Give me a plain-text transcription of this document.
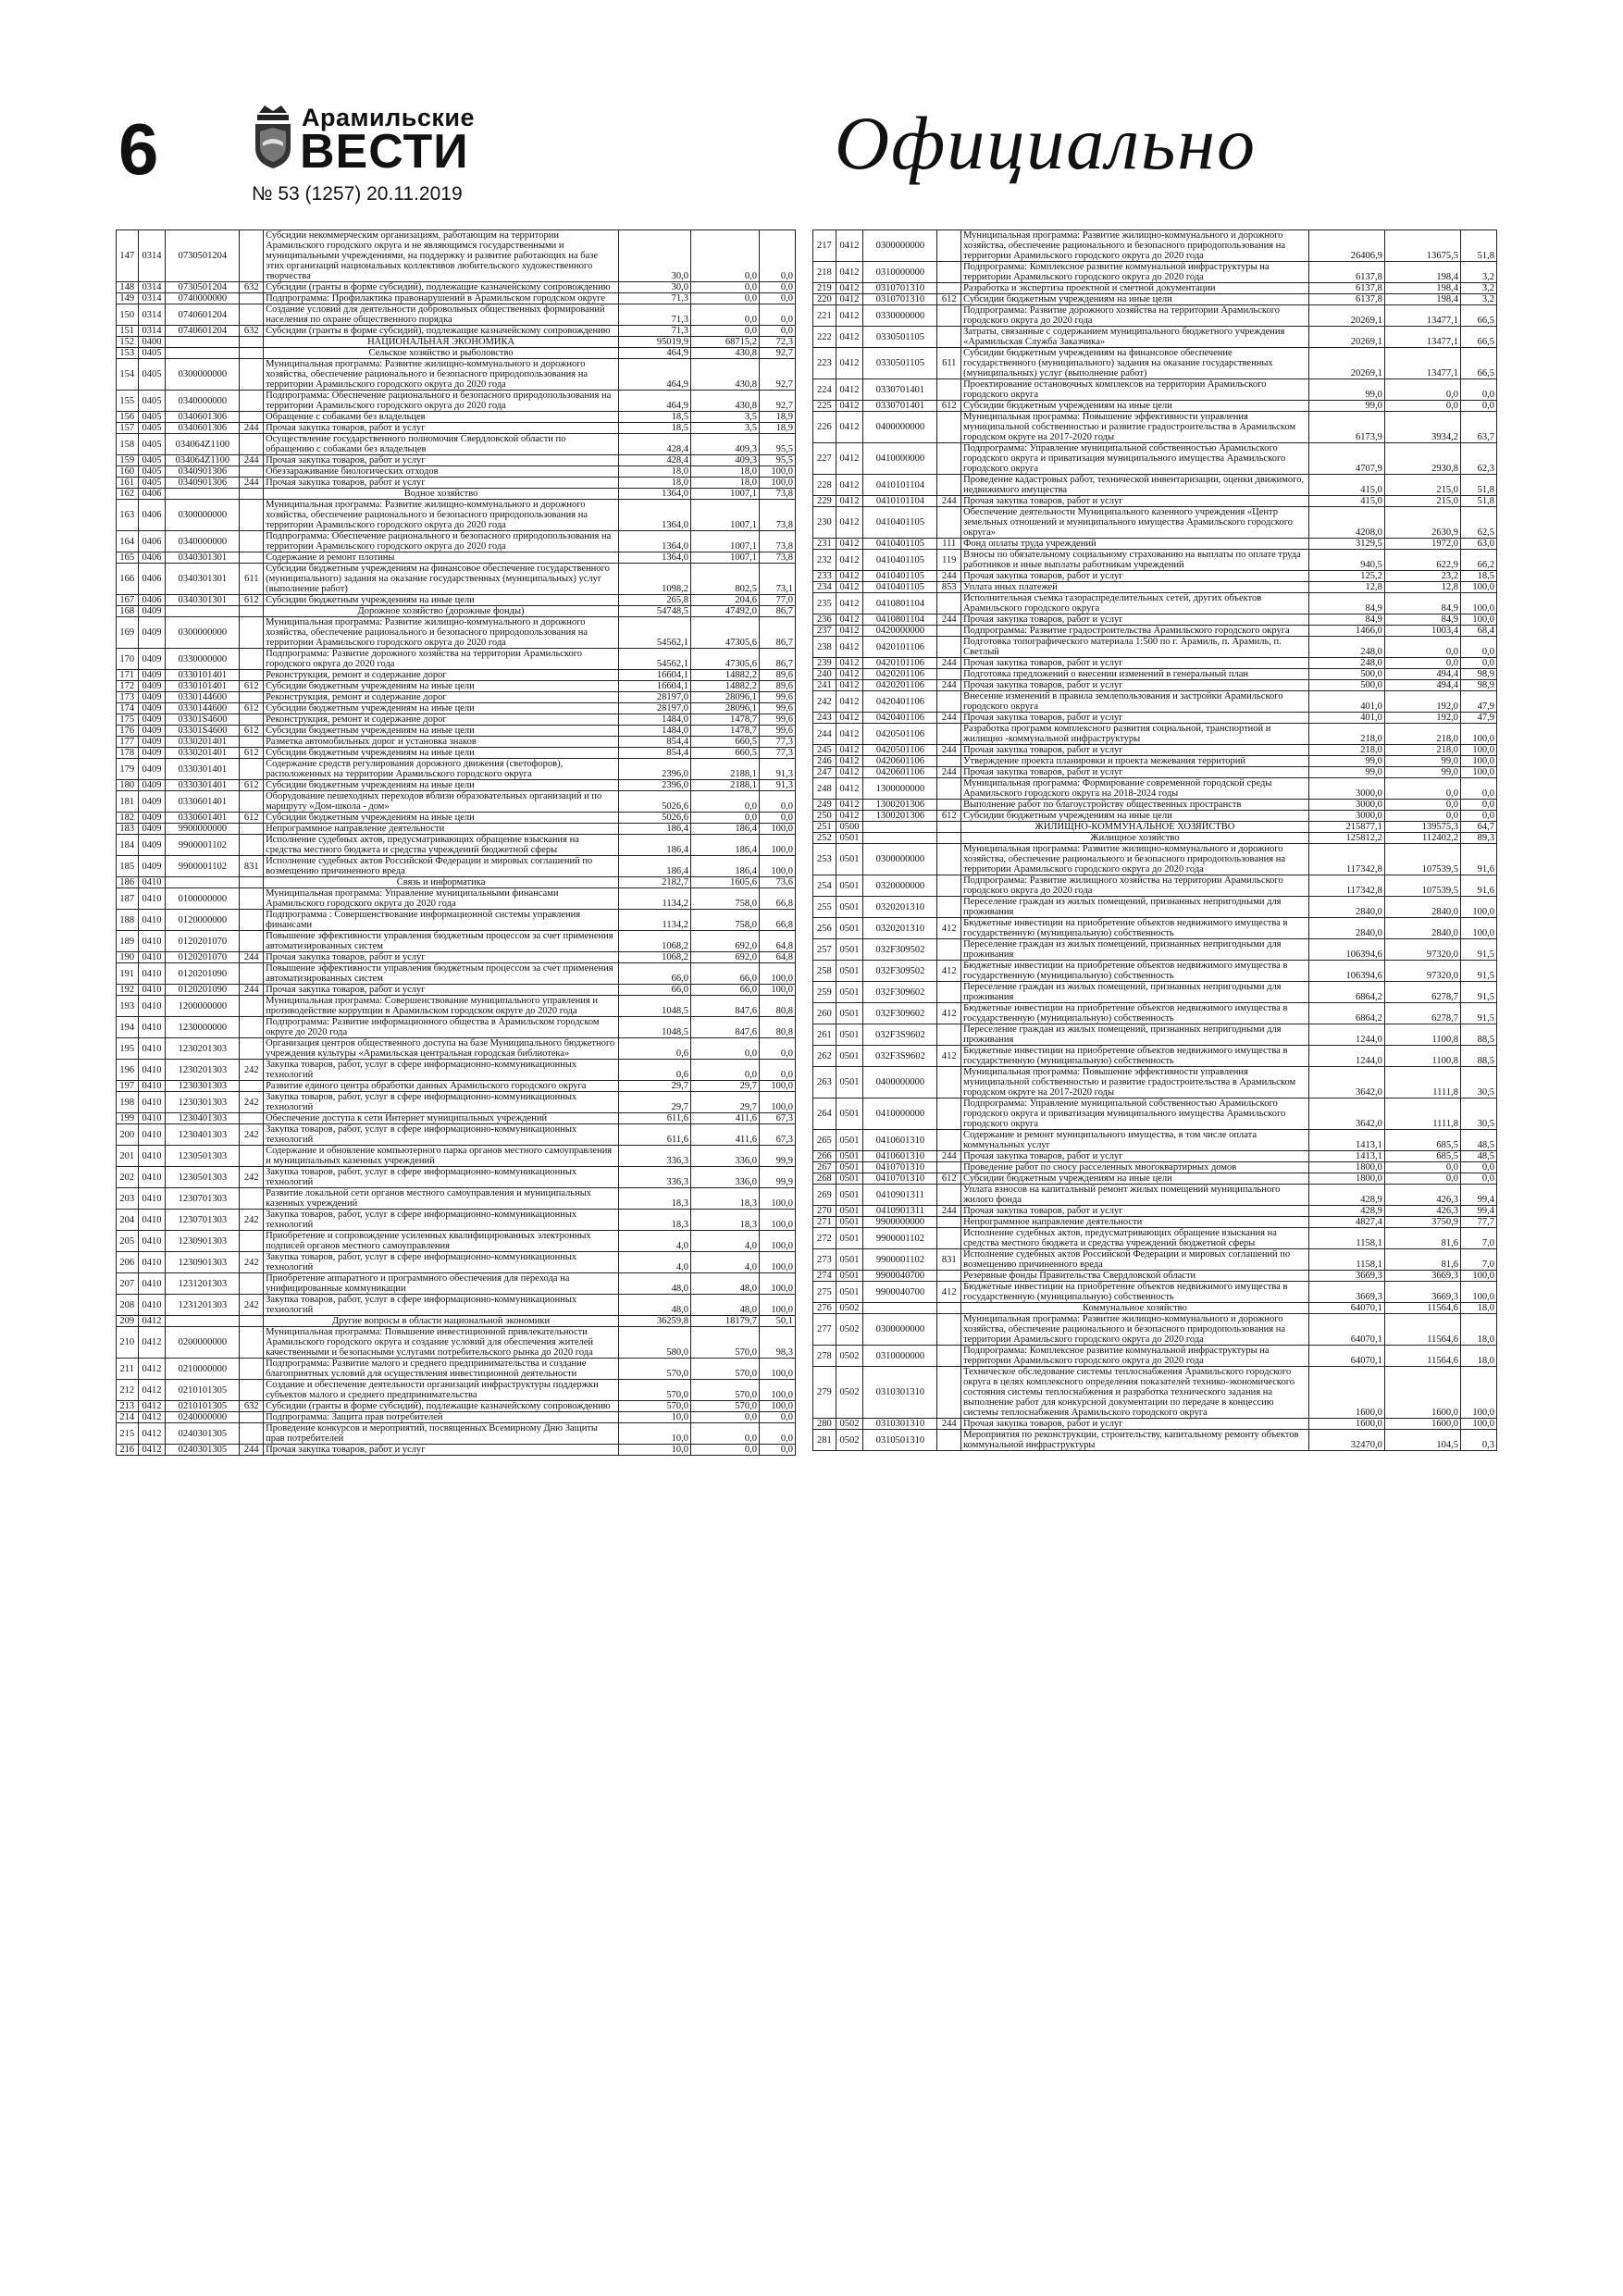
6	Арамильские
ВЕСТИ
№ 53 (1257) 20.11.2019
Официально
147	0314	0730501204		Субсидии некоммерческим организациям, работающим на территории Арамильского городского округа и не являющимся государственными и муниципальными учреждениями, на поддержку и развитие работающих на базе этих организаций национальных коллективов любительского художественного творчества	30,0	0,0	0,0
148	0314	0730501204	632	Субсидии (гранты в форме субсидий), подлежащие казначейскому сопровождению	30,0	0,0	0,0
149	0314	0740000000		Подпрограмма: Профилактика правонарушений в Арамильском городском округе	71,3	0,0	0,0
150	0314	0740601204		Создание условий для деятельности добровольных общественных формирований населения по охране общественного порядка	71,3	0,0	0,0
151	0314	0740601204	632	Субсидии (гранты в форме субсидий), подлежащие казначейскому сопровождению	71,3	0,0	0,0
152	0400			НАЦИОНАЛЬНАЯ ЭКОНОМИКА	95019,9	68715,2	72,3
153	0405			Сельское хозяйство и рыболовство	464,9	430,8	92,7
154	0405	0300000000		Муниципальная программа: Развитие жилищно-коммунального и дорожного хозяйства, обеспечение рационального и безопасного природопользования на территории Арамильского городского округа до 2020 года	464,9	430,8	92,7
155	0405	0340000000		Подпрограмма: Обеспечение рационального и безопасного природопользования на территории Арамильского городского округа до 2020 года	464,9	430,8	92,7
156	0405	0340601306		Обращение с собаками без владельцев	18,5	3,5	18,9
157	0405	0340601306	244	Прочая закупка товаров, работ и услуг	18,5	3,5	18,9
158	0405	034064Z1100		Осуществление государственного полномочия Свердловской области по обращению с собаками без владельцев	428,4	409,3	95,5
159	0405	034064Z1100	244	Прочая закупка товаров, работ и услуг	428,4	409,3	95,5
160	0405	0340901306		Обеззараживание биологических отходов	18,0	18,0	100,0
161	0405	0340901306	244	Прочая закупка товаров, работ и услуг	18,0	18,0	100,0
162	0406			Водное хозяйство	1364,0	1007,1	73,8
163	0406	0300000000		Муниципальная программа: Развитие жилищно-коммунального и дорожного хозяйства, обеспечение рационального и безопасного природопользования на территории Арамильского городского округа до 2020 года	1364,0	1007,1	73,8
164	0406	0340000000		Подпрограмма: Обеспечение рационального и безопасного природопользования на территории Арамильского городского округа до 2020 года	1364,0	1007,1	73,8
165	0406	0340301301		Содержание и ремонт плотины	1364,0	1007,1	73,8
166	0406	0340301301	611	Субсидии бюджетным учреждениям на финансовое обеспечение государственного (муниципального) задания на оказание государственных (муниципальных) услуг (выполнение работ)	1098,2	802,5	73,1
167	0406	0340301301	612	Субсидии бюджетным учреждениям на иные цели	265,8	204,6	77,0
168	0409			Дорожное хозяйство (дорожные фонды)	54748,5	47492,0	86,7
169	0409	0300000000		Муниципальная программа: Развитие жилищно-коммунального и дорожного хозяйства, обеспечение рационального и безопасного природопользования на территории Арамильского городского округа до 2020 года	54562,1	47305,6	86,7
170	0409	0330000000		Подпрограмма: Развитие дорожного хозяйства на территории Арамильского городского округа до 2020 года	54562,1	47305,6	86,7
171	0409	0330101401		Реконструкция, ремонт и содержание дорог	16604,1	14882,2	89,6
172	0409	0330101401	612	Субсидии бюджетным учреждениям на иные цели	16604,1	14882,2	89,6
173	0409	0330144600		Реконструкция, ремонт и содержание дорог	28197,0	28096,1	99,6
174	0409	0330144600	612	Субсидии бюджетным учреждениям на иные цели	28197,0	28096,1	99,6
175	0409	03301S4600		Реконструкция, ремонт и содержание дорог	1484,0	1478,7	99,6
176	0409	03301S4600	612	Субсидии бюджетным учреждениям на иные цели	1484,0	1478,7	99,6
177	0409	0330201401		Разметка автомобильных дорог и установка знаков	854,4	660,5	77,3
178	0409	0330201401	612	Субсидии бюджетным учреждениям на иные цели	854,4	660,5	77,3
179	0409	0330301401		Содержание средств регулирования дорожного движения (светофоров), расположенных на территории Арамильского городского округа	2396,0	2188,1	91,3
180	0409	0330301401	612	Субсидии бюджетным учреждениям на иные цели	2396,0	2188,1	91,3
181	0409	0330601401		Оборудование пешеходных переходов вблизи образовательных организаций и по маршруту «Дом-школа - дом»	5026,6	0,0	0,0
182	0409	0330601401	612	Субсидии бюджетным учреждениям на иные цели	5026,6	0,0	0,0
183	0409	9900000000		Непрограммное направление деятельности	186,4	186,4	100,0
184	0409	9900001102		Исполнение судебных актов, предусматривающих обращение взыскания на средства местного бюджета и средства учреждений бюджетной сферы	186,4	186,4	100,0
185	0409	9900001102	831	Исполнение судебных актов Российской Федерации и мировых соглашений по возмещению причиненного вреда	186,4	186,4	100,0
186	0410			Связь и информатика	2182,7	1605,6	73,6
187	0410	0100000000		Муниципальная программа: Управление муниципальными финансами Арамильского городского округа до 2020 года	1134,2	758,0	66,8
188	0410	0120000000		Подпрограмма : Совершенствование информационной системы управления финансами	1134,2	758,0	66,8
189	0410	0120201070		Повышение эффективности управления бюджетным процессом за счет применения автоматизированных систем	1068,2	692,0	64,8
190	0410	0120201070	244	Прочая закупка товаров, работ и услуг	1068,2	692,0	64,8
191	0410	0120201090		Повышение эффективности управления бюджетным процессом за счет применения автоматизированных систем	66,0	66,0	100,0
192	0410	0120201090	244	Прочая закупка товаров, работ и услуг	66,0	66,0	100,0
193	0410	1200000000		Муниципальная программа: Совершенствование муниципального управления и противодействие коррупции в Арамильском городском округе до 2020 года	1048,5	847,6	80,8
194	0410	1230000000		Подпрограмма: Развитие информационного общества в Арамильском городском округе до 2020 года	1048,5	847,6	80,8
195	0410	1230201303		Организация центров общественного доступа на базе Муниципального бюджетного учреждения культуры «Арамильская центральная городская библиотека»	0,6	0,0	0,0
196	0410	1230201303	242	Закупка товаров, работ, услуг в сфере информационно-коммуникационных технологий	0,6	0,0	0,0
197	0410	1230301303		Развитие единого центра обработки данных Арамильского городского округа	29,7	29,7	100,0
198	0410	1230301303	242	Закупка товаров, работ, услуг в сфере информационно-коммуникационных технологий	29,7	29,7	100,0
199	0410	1230401303		Обеспечение доступа к сети Интернет муниципальных учреждений	611,6	411,6	67,3
200	0410	1230401303	242	Закупка товаров, работ, услуг в сфере информационно-коммуникационных технологий	611,6	411,6	67,3
201	0410	1230501303		Содержание и обновление компьютерного парка органов местного самоуправления и муниципальных казенных учреждений	336,3	336,0	99,9
202	0410	1230501303	242	Закупка товаров, работ, услуг в сфере информационно-коммуникационных технологий	336,3	336,0	99,9
203	0410	1230701303		Развитие локальной сети органов местного самоуправления и муниципальных казенных учреждений	18,3	18,3	100,0
204	0410	1230701303	242	Закупка товаров, работ, услуг в сфере информационно-коммуникационных технологий	18,3	18,3	100,0
205	0410	1230901303		Приобретение и сопровождение усиленных квалифицированных электронных подписей органов местного самоуправления	4,0	4,0	100,0
206	0410	1230901303	242	Закупка товаров, работ, услуг в сфере информационно-коммуникационных технологий	4,0	4,0	100,0
207	0410	1231201303		Приобретение аппаратного и программного обеспечения для перехода на унифицированные коммуникации	48,0	48,0	100,0
208	0410	1231201303	242	Закупка товаров, работ, услуг в сфере информационно-коммуникационных технологий	48,0	48,0	100,0
209	0412			Другие вопросы в области национальной экономики	36259,8	18179,7	50,1
210	0412	0200000000		Муниципальная программа: Повышение инвестиционной привлекательности Арамильского городского округа и создание условий для обеспечения жителей качественными и безопасными услугами потребительского рынка до 2020 года	580,0	570,0	98,3
211	0412	0210000000		Подпрограмма: Развитие малого и среднего предпринимательства и создание благоприятных условий для осуществления инвестиционной деятельности	570,0	570,0	100,0
212	0412	0210101305		Создание и обеспечение деятельности организаций инфраструктуры поддержки субъектов малого и среднего предпринимательства	570,0	570,0	100,0
213	0412	0210101305	632	Субсидии (гранты в форме субсидий), подлежащие казначейскому сопровождению	570,0	570,0	100,0
214	0412	0240000000		Подпрограмма: Защита прав потребителей	10,0	0,0	0,0
215	0412	0240301305		Проведение конкурсов и мероприятий, посвященных Всемирному Дню Защиты прав потребителей	10,0	0,0	0,0
216	0412	0240301305	244	Прочая закупка товаров, работ и услуг	10,0	0,0	0,0
217	0412	0300000000		Муниципальная программа: Развитие жилищно-коммунального и дорожного хозяйства, обеспечение рационального и безопасного природопользования на территории Арамильского городского округа до 2020 года	26406,9	13675,5	51,8
218	0412	0310000000		Подпрограмма: Комплексное развитие коммунальной инфраструктуры на территории Арамильского городского округа до 2020 года	6137,8	198,4	3,2
219	0412	0310701310		Разработка и экспертиза проектной и сметной документации	6137,8	198,4	3,2
220	0412	0310701310	612	Субсидии бюджетным учреждениям на иные цели	6137,8	198,4	3,2
221	0412	0330000000		Подпрограмма: Развитие дорожного хозяйства на территории Арамильского городского округа до 2020 года	20269,1	13477,1	66,5
222	0412	0330501105		Затраты, связанные с содержанием муниципального бюджетного учреждения «Арамильская Служба Заказчика»	20269,1	13477,1	66,5
223	0412	0330501105	611	Субсидии бюджетным учреждениям на финансовое обеспечение государственного (муниципального) задания на оказание государственных (муниципальных) услуг (выполнение работ)	20269,1	13477,1	66,5
224	0412	0330701401		Проектирование остановочных комплексов на территории Арамильского городского округа	99,0	0,0	0,0
225	0412	0330701401	612	Субсидии бюджетным учреждениям на иные цели	99,0	0,0	0,0
226	0412	0400000000		Муниципальная программа: Повышение эффективности управления муниципальной собственностью и развитие градостроительства в Арамильском городском округе на 2017-2020 годы	6173,9	3934,2	63,7
227	0412	0410000000		Подпрограмма: Управление муниципальной собственностью Арамильского городского округа и приватизация муниципального имущества Арамильского городского округа	4707,9	2930,8	62,3
228	0412	0410101104		Проведение кадастровых работ, технической инвентаризации, оценки движимого, недвижимого имущества	415,0	215,0	51,8
229	0412	0410101104	244	Прочая закупка товаров, работ и услуг	415,0	215,0	51,8
230	0412	0410401105		Обеспечение деятельности Муниципального казенного учреждения «Центр земельных отношений и муниципального имущества Арамильского городского округа»	4208,0	2630,9	62,5
231	0412	0410401105	111	Фонд оплаты труда учреждений	3129,5	1972,0	63,0
232	0412	0410401105	119	Взносы по обязательному социальному страхованию на выплаты по оплате труда работников и иные выплаты работникам учреждений	940,5	622,9	66,2
233	0412	0410401105	244	Прочая закупка товаров, работ и услуг	125,2	23,2	18,5
234	0412	0410401105	853	Уплата иных платежей	12,8	12,8	100,0
235	0412	0410801104		Исполнительная съемка газораспределительных сетей, других объектов Арамильского городского округа	84,9	84,9	100,0
236	0412	0410801104	244	Прочая закупка товаров, работ и услуг	84,9	84,9	100,0
237	0412	0420000000		Подпрограмма: Развитие градостроительства Арамильского городского округа	1466,0	1003,4	68,4
238	0412	0420101106		Подготовка топографического материала 1:500 по г. Арамиль, п. Арамиль, п. Светлый	248,0	0,0	0,0
239	0412	0420101106	244	Прочая закупка товаров, работ и услуг	248,0	0,0	0,0
240	0412	0420201106		Подготовка предложений о внесении изменений в генеральный план	500,0	494,4	98,9
241	0412	0420201106	244	Прочая закупка товаров, работ и услуг	500,0	494,4	98,9
242	0412	0420401106		Внесение изменений в правила землепользования и застройки Арамильского городского округа	401,0	192,0	47,9
243	0412	0420401106	244	Прочая закупка товаров, работ и услуг	401,0	192,0	47,9
244	0412	0420501106		Разработка программ комплексного развития социальной, транспортной и жилищно -коммунальной инфраструктуры	218,0	218,0	100,0
245	0412	0420501106	244	Прочая закупка товаров, работ и услуг	218,0	218,0	100,0
246	0412	0420601106		Утверждение проекта планировки и проекта межевания территорий	99,0	99,0	100,0
247	0412	0420601106	244	Прочая закупка товаров, работ и услуг	99,0	99,0	100,0
248	0412	1300000000		Муниципальная программа: Формирование современной городской среды Арамильского городского округа на 2018-2024 годы	3000,0	0,0	0,0
249	0412	1300201306		Выполнение работ по благоустройству общественных пространств	3000,0	0,0	0,0
250	0412	1300201306	612	Субсидии бюджетным учреждениям на иные цели	3000,0	0,0	0,0
251	0500			ЖИЛИЩНО-КОММУНАЛЬНОЕ ХОЗЯЙСТВО	215877,1	139575,3	64,7
252	0501			Жилищное хозяйство	125812,2	112402,2	89,3
253	0501	0300000000		Муниципальная программа: Развитие жилищно-коммунального и дорожного хозяйства, обеспечение рационального и безопасного природопользования на территории Арамильского городского округа до 2020 года	117342,8	107539,5	91,6
254	0501	0320000000		Подпрограмма: Развитие жилищного хозяйства на территории Арамильского городского округа до 2020 года	117342,8	107539,5	91,6
255	0501	0320201310		Переселение граждан из жилых помещений, признанных непригодными для проживания	2840,0	2840,0	100,0
256	0501	0320201310	412	Бюджетные инвестиции на приобретение объектов недвижимого имущества в государственную (муниципальную) собственность	2840,0	2840,0	100,0
257	0501	032F309502		Переселение граждан из жилых помещений, признанных непригодными для проживания	106394,6	97320,0	91,5
258	0501	032F309502	412	Бюджетные инвестиции на приобретение объектов недвижимого имущества в государственную (муниципальную) собственность	106394,6	97320,0	91,5
259	0501	032F309602		Переселение граждан из жилых помещений, признанных непригодными для проживания	6864,2	6278,7	91,5
260	0501	032F309602	412	Бюджетные инвестиции на приобретение объектов недвижимого имущества в государственную (муниципальную) собственность	6864,2	6278,7	91,5
261	0501	032F3S9602		Переселение граждан из жилых помещений, признанных непригодными для проживания	1244,0	1100,8	88,5
262	0501	032F3S9602	412	Бюджетные инвестиции на приобретение объектов недвижимого имущества в государственную (муниципальную) собственность	1244,0	1100,8	88,5
263	0501	0400000000		Муниципальная программа: Повышение эффективности управления муниципальной собственностью и развитие градостроительства в Арамильском городском округе на 2017-2020 годы	3642,0	1111,8	30,5
264	0501	0410000000		Подпрограмма: Управление муниципальной собственностью Арамильского городского округа и приватизация муниципального имущества Арамильского городского округа	3642,0	1111,8	30,5
265	0501	0410601310		Содержание и ремонт муниципального имущества, в том числе оплата коммунальных услуг	1413,1	685,5	48,5
266	0501	0410601310	244	Прочая закупка товаров, работ и услуг	1413,1	685,5	48,5
267	0501	0410701310		Проведение работ по сносу расселенных многоквартирных домов	1800,0	0,0	0,0
268	0501	0410701310	612	Субсидии бюджетным учреждениям на иные цели	1800,0	0,0	0,0
269	0501	0410901311		Уплата взносов на капитальный ремонт жилых помещений муниципального жилого фонда	428,9	426,3	99,4
270	0501	0410901311	244	Прочая закупка товаров, работ и услуг	428,9	426,3	99,4
271	0501	9900000000		Непрограммное направление деятельности	4827,4	3750,9	77,7
272	0501	9900001102		Исполнение судебных актов, предусматривающих обращение взыскания на средства местного бюджета и средства учреждений бюджетной сферы	1158,1	81,6	7,0
273	0501	9900001102	831	Исполнение судебных актов Российской Федерации и мировых соглашений по возмещению причиненного вреда	1158,1	81,6	7,0
274	0501	9900040700		Резервные фонды Правительства Свердловской области	3669,3	3669,3	100,0
275	0501	9900040700	412	Бюджетные инвестиции на приобретение объектов недвижимого имущества в государственную (муниципальную) собственность	3669,3	3669,3	100,0
276	0502			Коммунальное хозяйство	64070,1	11564,6	18,0
277	0502	0300000000		Муниципальная программа: Развитие жилищно-коммунального и дорожного хозяйства, обеспечение рационального и безопасного природопользования на территории Арамильского городского округа до 2020 года	64070,1	11564,6	18,0
278	0502	0310000000		Подпрограмма: Комплексное развитие коммунальной инфраструктуры на территории Арамильского городского округа до 2020 года	64070,1	11564,6	18,0
279	0502	0310301310		Техническое обследование системы теплоснабжения Арамильского городского округа в целях комплексного определения показателей технико-экономического состояния системы теплоснабжения и разработка технического задания на выполнение работ для конкурсной документации по передаче в концессию системы теплоснабжения Арамильского городского округа	1600,0	1600,0	100,0
280	0502	0310301310	244	Прочая закупка товаров, работ и услуг	1600,0	1600,0	100,0
281	0502	0310501310		Мероприятия по реконструкции, строительству, капитальному ремонту объектов коммунальной инфраструктуры	32470,0	104,5	0,3
